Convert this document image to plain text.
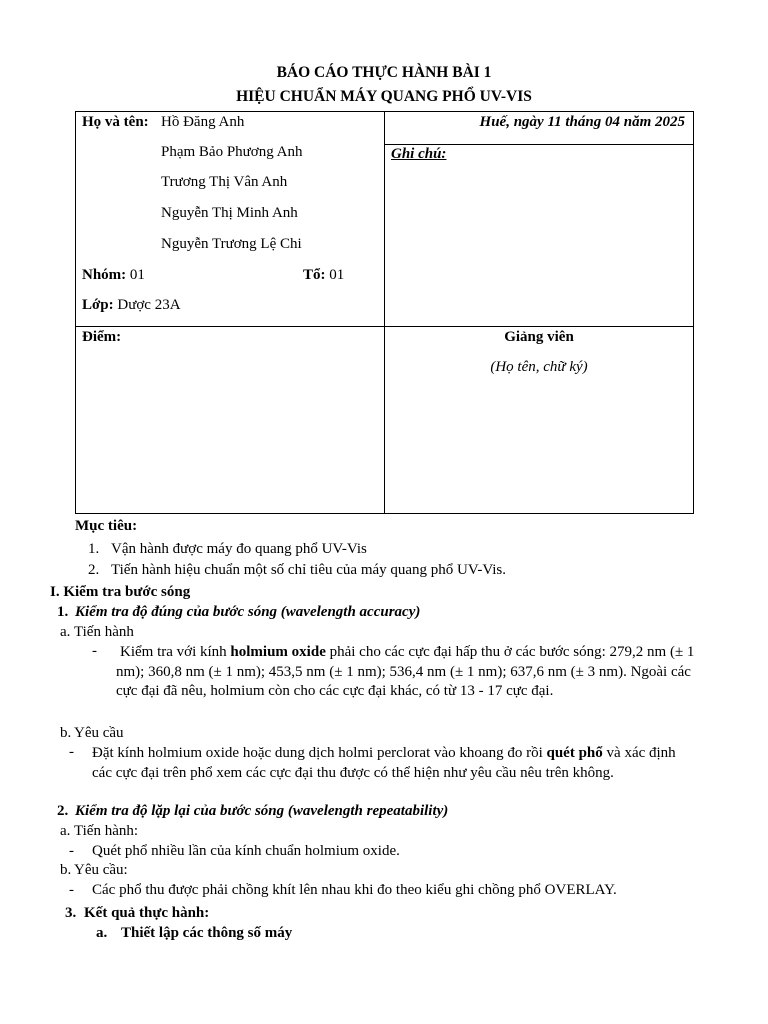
BÁO CÁO THỰC HÀNH BÀI 1
HIỆU CHUẨN MÁY QUANG PHỔ UV-VIS
Họ và tên: Hồ Đăng Anh
Phạm Bảo Phương Anh
Trương Thị Vân Anh
Nguyễn Thị Minh Anh
Nguyễn Trương Lệ Chi
Nhóm: 01	Tổ: 01
Lớp: Dược 23A
Huế, ngày 11 tháng 04 năm 2025
Ghi chú:
Điểm:	Giảng viên
(Họ tên, chữ ký)
Mục tiêu:
1. Vận hành được máy đo quang phổ UV-Vis
2. Tiến hành hiệu chuẩn một số chỉ tiêu của máy quang phổ UV-Vis.
I. Kiểm tra bước sóng
1. Kiểm tra độ đúng của bước sóng (wavelength accuracy)
a. Tiến hành
- Kiểm tra với kính holmium oxide phải cho các cực đại hấp thu ở các bước sóng: 279,2 nm (± 1 nm); 360,8 nm (± 1 nm); 453,5 nm (± 1 nm); 536,4 nm (± 1 nm); 637,6 nm (± 3 nm). Ngoài các cực đại đã nêu, holmium còn cho các cực đại khác, có từ 13 - 17 cực đại.
b. Yêu cầu
- Đặt kính holmium oxide hoặc dung dịch holmi perclorat vào khoang đo rồi quét phổ và xác định các cực đại trên phổ xem các cực đại thu được có thể hiện như yêu cầu nêu trên không.
2. Kiểm tra độ lặp lại của bước sóng (wavelength repeatability)
a. Tiến hành:
- Quét phổ nhiều lần của kính chuẩn holmium oxide.
b. Yêu cầu:
- Các phổ thu được phải chồng khít lên nhau khi đo theo kiểu ghi chồng phổ OVERLAY.
3. Kết quả thực hành:
a. Thiết lập các thông số máy
